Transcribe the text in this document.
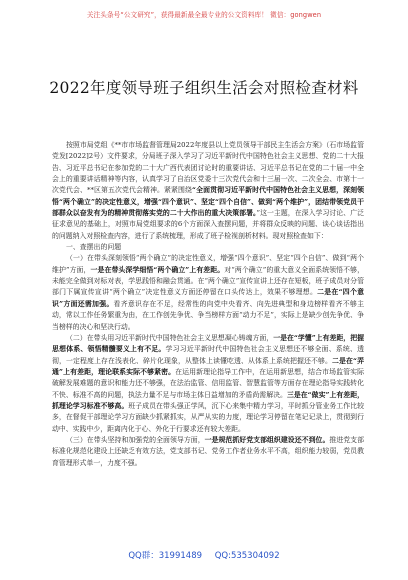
关注头条号“公文研究”，获得最新最全最专业的公文资料库！ 微信：gongwen
2022年度领导班子组织生活会对照检查材料

按照市局党组《**市市场监督管理局2022年度县以上党员领导干部民主生活会方案》（石市场监管党发[2022]2号）文件要求，分局班子深入学习了习近平新时代中国特色社会主义思想、党的二十大报告、习近平总书记在参加党的二十大广西代表团讨论时的重要讲话、习近平总书记在党的二十届一中全会上的重要讲话精神等内容，认真学习了自治区党委十三次党代会和十三届一次、二次全会、市第十一次党代会、**区第五次党代会精神。紧紧围绕“全面贯彻习近平新时代中国特色社会主义思想，深刻领悟“两个确立”的决定性意义，增强“四个意识”、坚定“四个自信”、做到“两个维护”，团结带领党员干部群众以奋发有为的精神贯彻落实党的二十大作出的重大决策部署。”这一主题，在深入学习讨论、广泛征求意见的基础上，对照市局党组要求的6个方面深入查摆问题，并将群众反映的问题、谈心谈话指出的问题纳入对照检查内容，进行了系统梳理，形成了班子检视剖析材料。现对照检查如下：

一、查摆出的问题

（一）在带头深刻领悟“两个确立”的决定性意义，增强“四个意识”、坚定“四个自信”、做到“两个维护”方面，一是在带头深学细悟“两个确立”上有差距。对“两个确立”的重大意义全面系统领悟不够，未能完全做到对标对表，学思践悟和融会贯通。在“两个确立”宣传宣讲上还存在短板，班子成员对分管部门下属宣传宣讲“两个确立”决定性意义方面还停留在口头传达上，效果不够理想。二是在“四个意识”方面还需加强。看齐意识存在不足，经常性的向党中央看齐、向先进典型和身边榜样看齐不够主动，常以工作任务繁重为由，在工作创先争优、争当榜样方面“动力不足”，实际上是缺少创先争优、争当榜样的决心和坚决行动。

（二）在带头用习近平新时代中国特色社会主义思想凝心铸魂方面，一是在“学懂”上有差距，把握思想体系、领悟精髓要义上有不足。学习习近平新时代中国特色社会主义思想还不够全面、系统、透彻，一定程度上存在浅表化、碎片化现象，从整体上读懂吃透、从体系上系统把握还不够。二是在“弄通”上有差距，理论联系实际不够紧密。在运用新理论指导工作中，在运用新思想，结合市场监管实际破解发展难题的意识和能力还不够强，在法治监管、信用监管、智慧监管等方面存在理论指导实践转化不快、标准不高的问题，执法力量不足与市场主体日益增加的矛盾尚需解决。三是在“做实”上有差距，抓理论学习标准不够高。班子成员在带头强正学风，沉下心来集中精力学习，平时抓分管业务工作比较多，在督促干部理论学习方面缺少抓紧抓实，从严从实的力度，理论学习停留在笔记记录上，贯彻到行动中、实践中少，距离内化于心、外化于行要求还有较大差距。

（三）在带头坚持和加强党的全面领导方面，一是规范抓好党支部组织建设还不到位。推进党支部标准化规范化建设上还缺乏有效方法，党支部书记、党务工作者业务水平不高，组织能力较弱，党员教育管理形式单一，力度不强。

QQ群：31991489 QQ:535304092
